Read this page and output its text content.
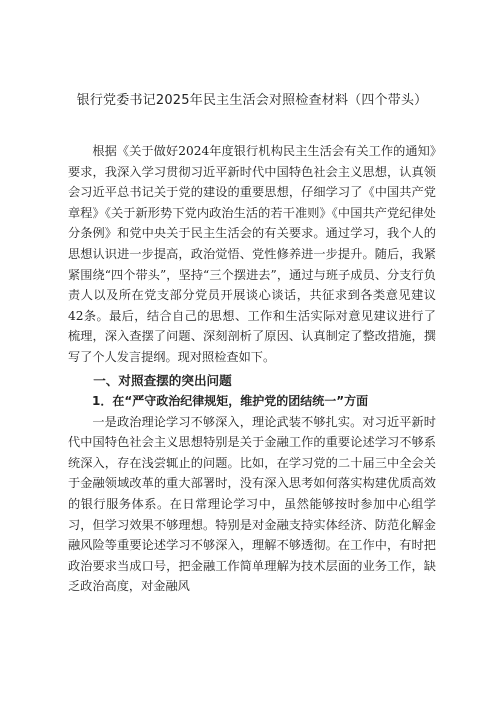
银行党委书记2025年民主生活会对照检查材料（四个带头）

根据《关于做好2024年度银行机构民主生活会有关工作的通知》要求，我深入学习贯彻习近平新时代中国特色社会主义思想，认真领会习近平总书记关于党的建设的重要思想，仔细学习了《中国共产党章程》《关于新形势下党内政治生活的若干准则》《中国共产党纪律处分条例》和党中央关于民主生活会的有关要求。通过学习，我个人的思想认识进一步提高，政治觉悟、党性修养进一步提升。随后，我紧紧围绕“四个带头”，坚持“三个摆进去”，通过与班子成员、分支行负责人以及所在党支部分党员开展谈心谈话，共征求到各类意见建议42条。最后，结合自己的思想、工作和生活实际对意见建议进行了梳理，深入查摆了问题、深刻剖析了原因、认真制定了整改措施，撰写了个人发言提纲。现对照检查如下。

一、对照查摆的突出问题
1．在“严守政治纪律规矩，维护党的团结统一”方面

一是政治理论学习不够深入，理论武装不够扎实。对习近平新时代中国特色社会主义思想特别是关于金融工作的重要论述学习不够系统深入，存在浅尝辄止的问题。比如，在学习党的二十届三中全会关于金融领域改革的重大部署时，没有深入思考如何落实构建优质高效的银行服务体系。在日常理论学习中，虽然能够按时参加中心组学习，但学习效果不够理想。特别是对金融支持实体经济、防范化解金融风险等重要论述学习不够深入，理解不够透彻。在工作中，有时把政治要求当成口号，把金融工作简单理解为技术层面的业务工作，缺乏政治高度，对金融风
